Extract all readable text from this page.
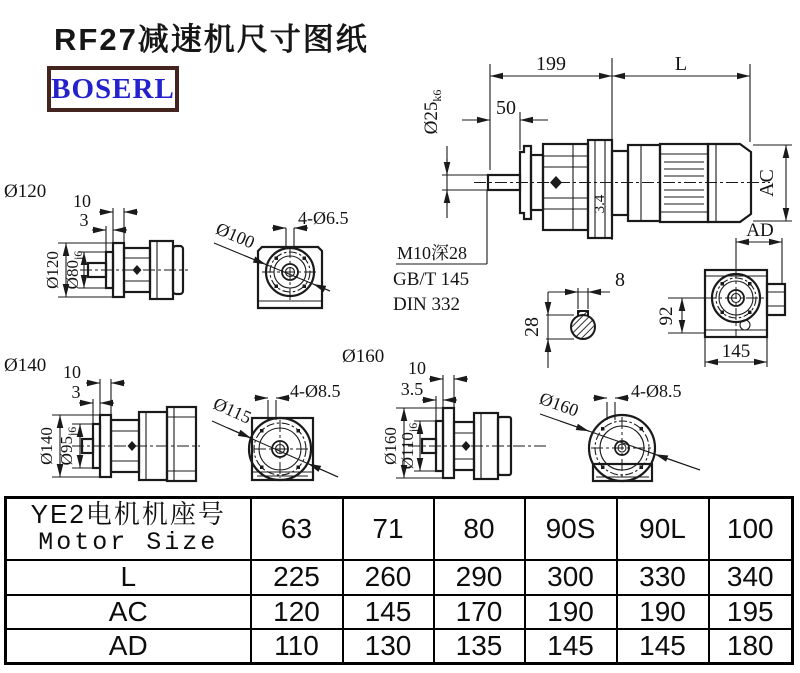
RF27减速机尺寸图纸
BOSERL
199	L
50
$Ø25_{k6}$
3.4
AC
M10深28
GB/T 145
DIN 332
8
28
AD
92
145
Ø120 10
3
Ø120 $Ø80_{j6}$
4-Ø6.5
Ø100
Ø140 10
3
Ø140 $Ø95_{j6}$
4-Ø8.5
Ø115
Ø160
10
3.5
Ø160
$Ø110_{j6}$
4-Ø8.5
Ø160
YE2电机机座号
Motor Size	63	71	80	90S	90L	100
L	225	260	290	300	330	340
AC	120	145	170	190	190	195
AD	110	130	135	145	145	180
